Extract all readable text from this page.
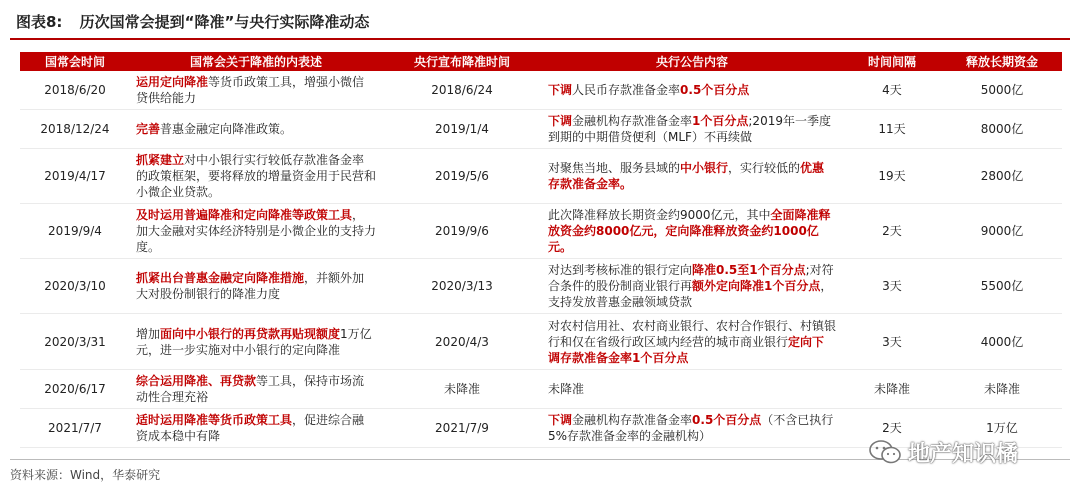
图表8: 历次国常会提到“降准”与央行实际降准动态
国常会时间	国常会关于降准的内表述	央行宣布降准时间	央行公告内容	时间间隔	释放长期资金
2018/6/20	运用定向降准等货币政策工具，增强小微信贷供给能力	2018/6/24	下调人民币存款准备金率0.5个百分点	4天	5000亿
2018/12/24	完善普惠金融定向降准政策。	2019/1/4	下调金融机构存款准备金率1个百分点;2019年一季度到期的中期借贷便利（MLF）不再续做	11天	8000亿
2019/4/17	抓紧建立对中小银行实行较低存款准备金率的政策框架，要将释放的增量资金用于民营和小微企业贷款。	2019/5/6	对聚焦当地、服务县域的中小银行，实行较低的优惠存款准备金率。	19天	2800亿
2019/9/4	及时运用普遍降准和定向降准等政策工具，加大金融对实体经济特别是小微企业的支持力度。	2019/9/6	此次降准释放长期资金约9000亿元，其中全面降准释放资金约8000亿元，定向降准释放资金约1000亿元。	2天	9000亿
2020/3/10	抓紧出台普惠金融定向降准措施，并额外加大对股份制银行的降准力度	2020/3/13	对达到考核标准的银行定向降准0.5至1个百分点;对符合条件的股份制商业银行再额外定向降准1个百分点，支持发放普惠金融领域贷款	3天	5500亿
2020/3/31	增加面向中小银行的再贷款再贴现额度1万亿元，进一步实施对中小银行的定向降准	2020/4/3	对农村信用社、农村商业银行、农村合作银行、村镇银行和仅在省级行政区域内经营的城市商业银行定向下调存款准备金率1个百分点	3天	4000亿
2020/6/17	综合运用降准、再贷款等工具，保持市场流动性合理充裕	未降准	未降准	未降准	未降准
2021/7/7	适时运用降准等货币政策工具，促进综合融资成本稳中有降	2021/7/9	下调金融机构存款准备金率0.5个百分点（不含已执行5%存款准备金率的金融机构）	2天	1万亿
资料来源：Wind，华泰研究
地产知识橘
